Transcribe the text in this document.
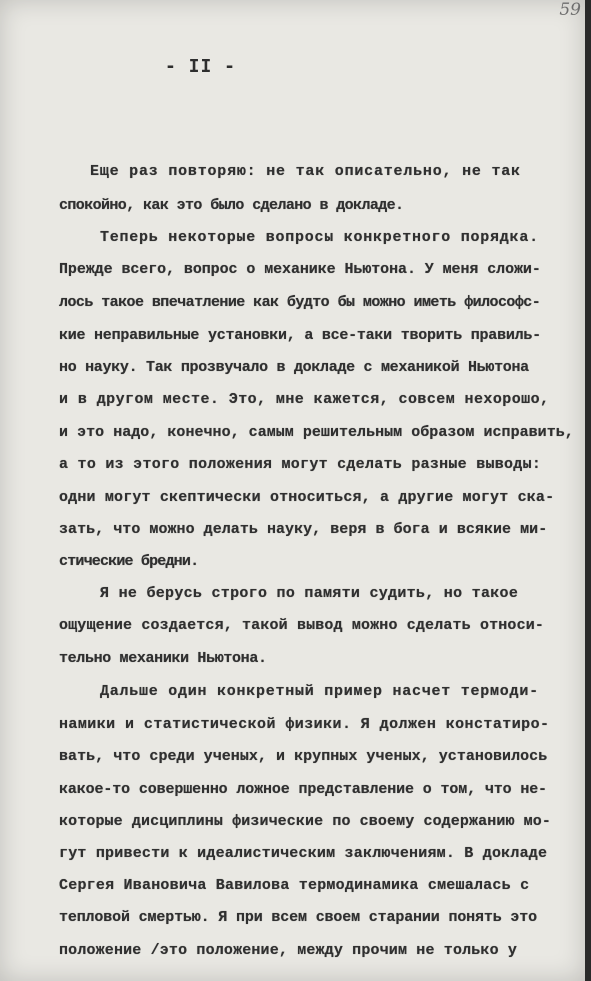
59
- II -
Еще раз повторяю: не так описательно, не так
спокойно, как это было сделано в докладе.
Теперь некоторые вопросы конкретного порядка.
Прежде всего, вопрос о механике Ньютона. У меня сложи-
лось такое впечатление как будто бы можно иметь философс-
кие неправильные установки, а все-таки творить правиль-
но науку. Так прозвучало в докладе с механикой Ньютона
и в другом месте. Это, мне кажется, совсем нехорошо,
и это надо, конечно, самым решительным образом исправить,
а то из этого положения могут сделать разные выводы:
одни могут скептически относиться, а другие могут ска-
зать, что можно делать науку, веря в бога и всякие ми-
стические бредни.
Я не берусь строго по памяти судить, но такое
ощущение создается, такой вывод можно сделать относи-
тельно механики Ньютона.
Дальше один конкретный пример насчет термоди-
намики и статистической физики. Я должен констатиро-
вать, что среди ученых, и крупных ученых, установилось
какое-то совершенно ложное представление о том, что не-
которые дисциплины физические по своему содержанию мо-
гут привести к идеалистическим заключениям. В докладе
Сергея Ивановича Вавилова термодинамика смешалась с
тепловой смертью. Я при всем своем старании понять это
положение /это положение, между прочим не только у
